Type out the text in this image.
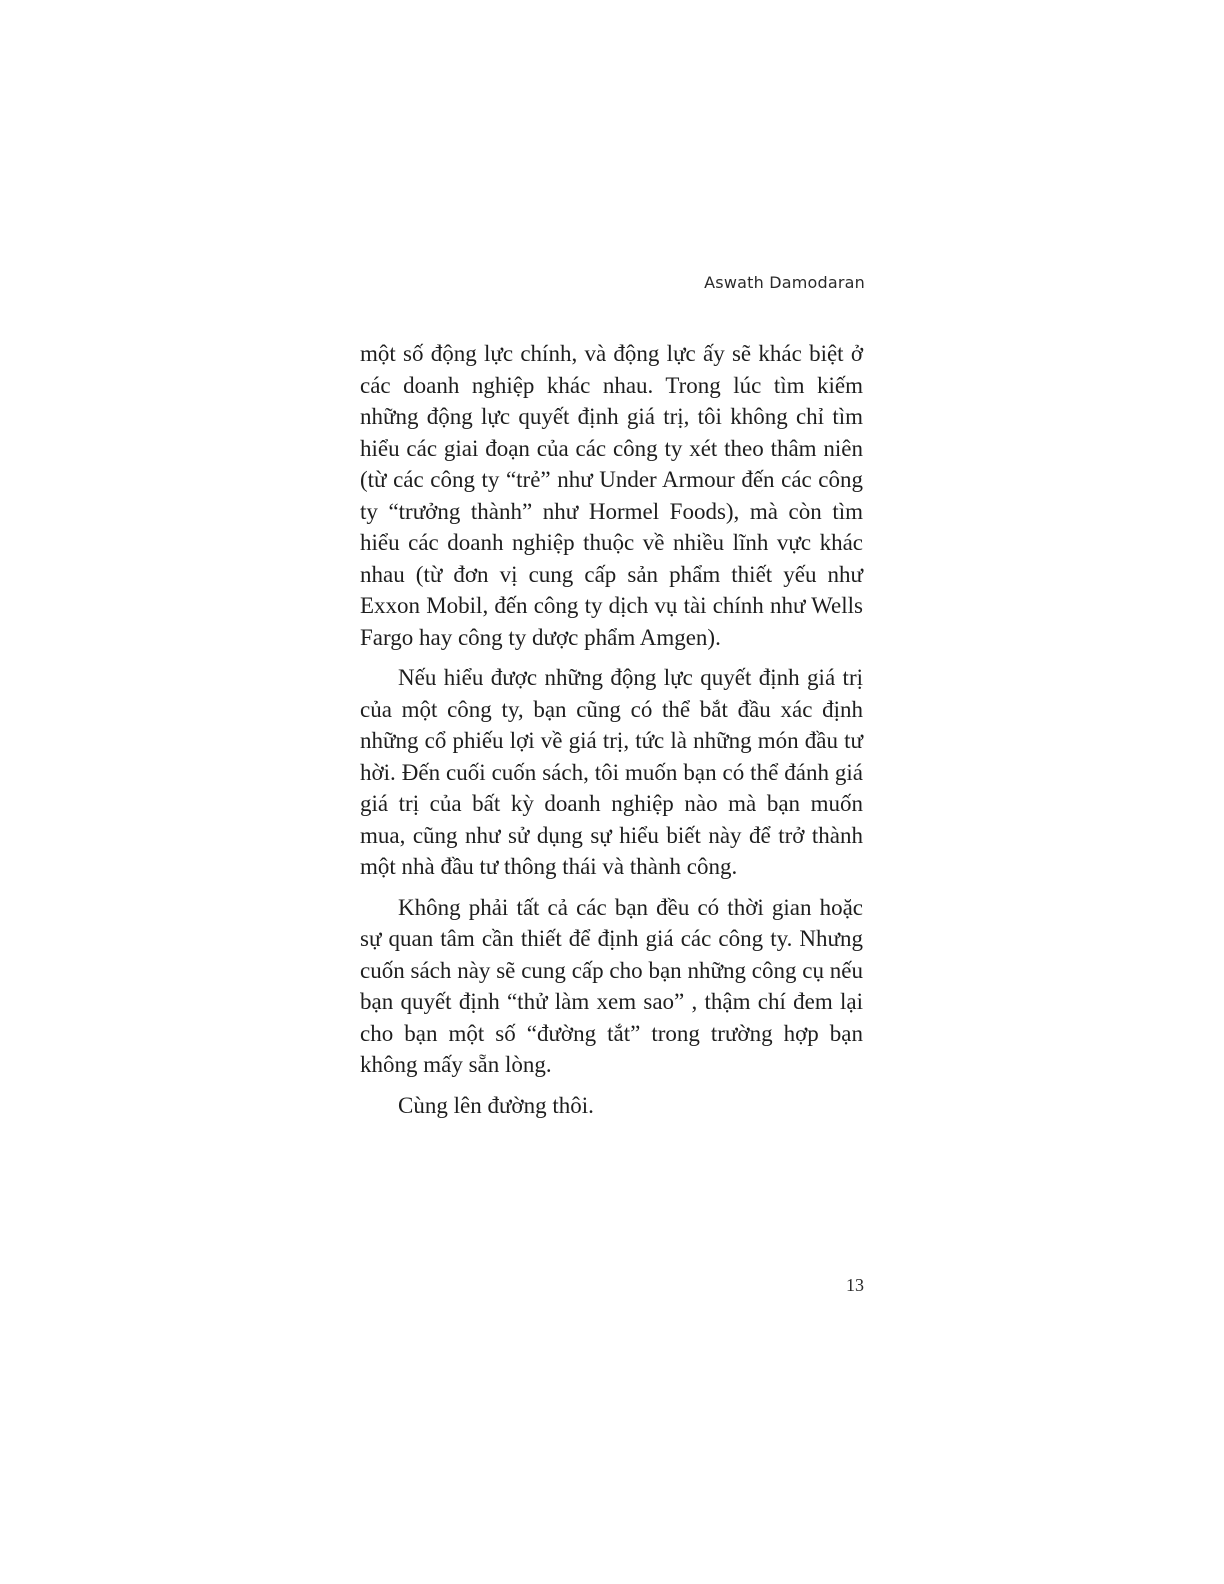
Aswath Damodaran

một số động lực chính, và động lực ấy sẽ khác biệt ở các doanh nghiệp khác nhau. Trong lúc tìm kiếm những động lực quyết định giá trị, tôi không chỉ tìm hiểu các giai đoạn của các công ty xét theo thâm niên (từ các công ty “trẻ” như Under Armour đến các công ty “trưởng thành” như Hormel Foods), mà còn tìm hiểu các doanh nghiệp thuộc về nhiều lĩnh vực khác nhau (từ đơn vị cung cấp sản phẩm thiết yếu như Exxon Mobil, đến công ty dịch vụ tài chính như Wells Fargo hay công ty dược phẩm Amgen).

Nếu hiểu được những động lực quyết định giá trị của một công ty, bạn cũng có thể bắt đầu xác định những cổ phiếu lợi về giá trị, tức là những món đầu tư hời. Đến cuối cuốn sách, tôi muốn bạn có thể đánh giá giá trị của bất kỳ doanh nghiệp nào mà bạn muốn mua, cũng như sử dụng sự hiểu biết này để trở thành một nhà đầu tư thông thái và thành công.

Không phải tất cả các bạn đều có thời gian hoặc sự quan tâm cần thiết để định giá các công ty. Nhưng cuốn sách này sẽ cung cấp cho bạn những công cụ nếu bạn quyết định “thử làm xem sao” , thậm chí đem lại cho bạn một số “đường tắt” trong trường hợp bạn không mấy sẵn lòng.

Cùng lên đường thôi.

13
